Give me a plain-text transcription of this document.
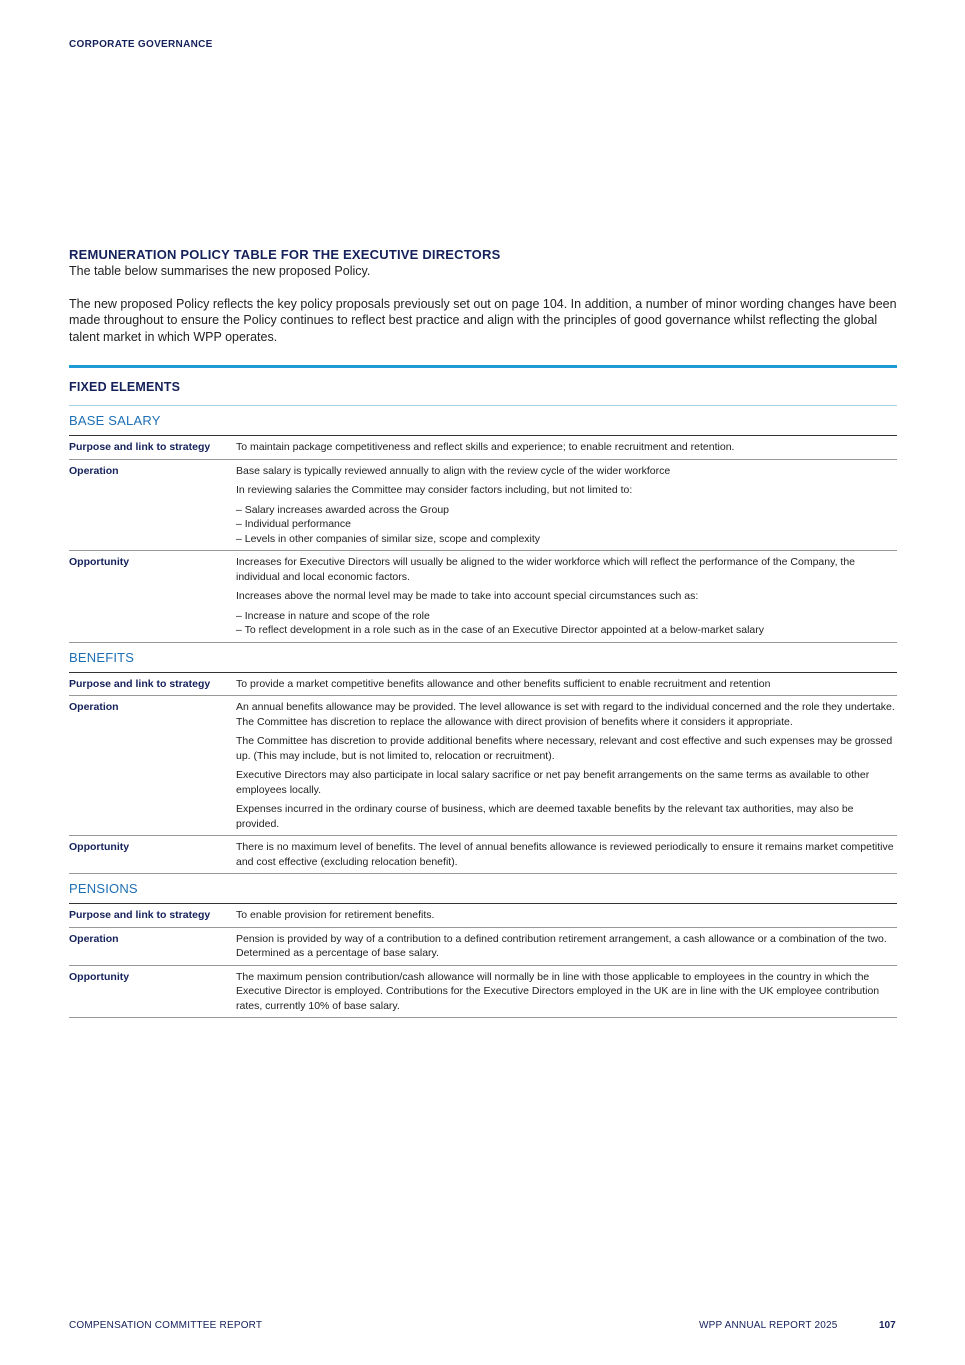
CORPORATE GOVERNANCE
REMUNERATION POLICY TABLE FOR THE EXECUTIVE DIRECTORS

The table below summarises the new proposed Policy.

The new proposed Policy reflects the key policy proposals previously set out on page 104. In addition, a number of minor wording changes have been made throughout to ensure the Policy continues to reflect best practice and align with the principles of good governance whilst reflecting the global talent market in which WPP operates.

FIXED ELEMENTS
BASE SALARY
Purpose and link to strategy	To maintain package competitiveness and reflect skills and experience; to enable recruitment and retention.

Operation	Base salary is typically reviewed annually to align with the review cycle of the wider workforce

In reviewing salaries the Committee may consider factors including, but not limited to:

– Salary increases awarded across the Group
– Individual performance
– Levels in other companies of similar size, scope and complexity
Opportunity	Increases for Executive Directors will usually be aligned to the wider workforce which will reflect the performance of the Company, the individual and local economic factors.

Increases above the normal level may be made to take into account special circumstances such as:

– Increase in nature and scope of the role
– To reflect development in a role such as in the case of an Executive Director appointed at a below-market salary
BENEFITS
Purpose and link to strategy	To provide a market competitive benefits allowance and other benefits sufficient to enable recruitment and retention

Operation	An annual benefits allowance may be provided. The level allowance is set with regard to the individual concerned and the role they undertake. The Committee has discretion to replace the allowance with direct provision of benefits where it considers it appropriate.

The Committee has discretion to provide additional benefits where necessary, relevant and cost effective and such expenses may be grossed up. (This may include, but is not limited to, relocation or recruitment).

Executive Directors may also participate in local salary sacrifice or net pay benefit arrangements on the same terms as available to other employees locally.

Expenses incurred in the ordinary course of business, which are deemed taxable benefits by the relevant tax authorities, may also be provided.

Opportunity	There is no maximum level of benefits. The level of annual benefits allowance is reviewed periodically to ensure it remains market competitive and cost effective (excluding relocation benefit).

PENSIONS
Purpose and link to strategy	To enable provision for retirement benefits.

Operation	Pension is provided by way of a contribution to a defined contribution retirement arrangement, a cash allowance or a combination of the two. Determined as a percentage of base salary.

Opportunity	The maximum pension contribution/cash allowance will normally be in line with those applicable to employees in the country in which the Executive Director is employed. Contributions for the Executive Directors employed in the UK are in line with the UK employee contribution rates, currently 10% of base salary.

COMPENSATION COMMITTEE REPORT	WPP ANNUAL REPORT 2025	107
